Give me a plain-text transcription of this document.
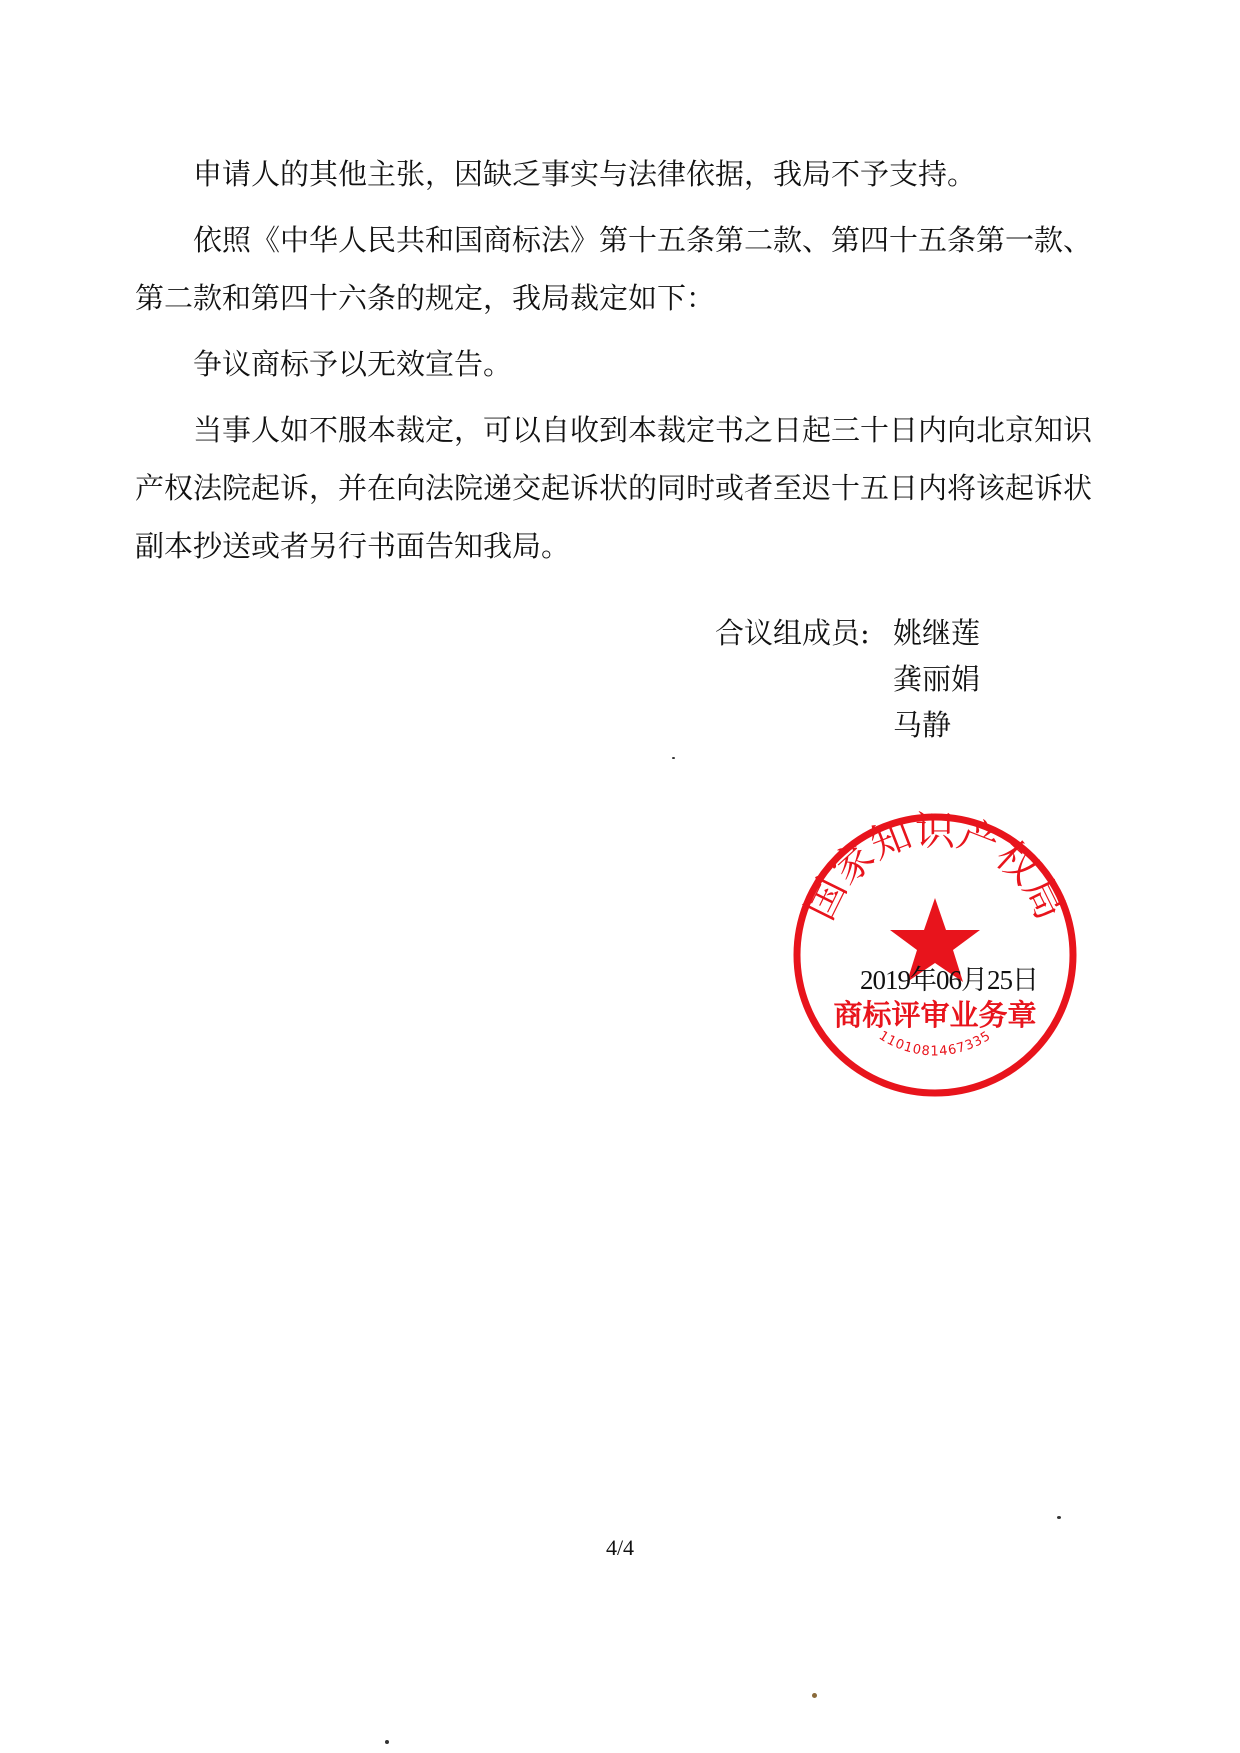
申请人的其他主张，因缺乏事实与法律依据，我局不予支持。

依照《中华人民共和国商标法》第十五条第二款、第四十五条第一款、
第二款和第四十六条的规定，我局裁定如下：

争议商标予以无效宣告。

当事人如不服本裁定，可以自收到本裁定书之日起三十日内向北京知识
产权法院起诉，并在向法院递交起诉状的同时或者至迟十五日内将该起诉状
副本抄送或者另行书面告知我局。

合议组成员: 姚继莲
龚丽娟
马静
国家知识产权局
商标评审业务章
1101081467335
2019年06月25日
4/4
